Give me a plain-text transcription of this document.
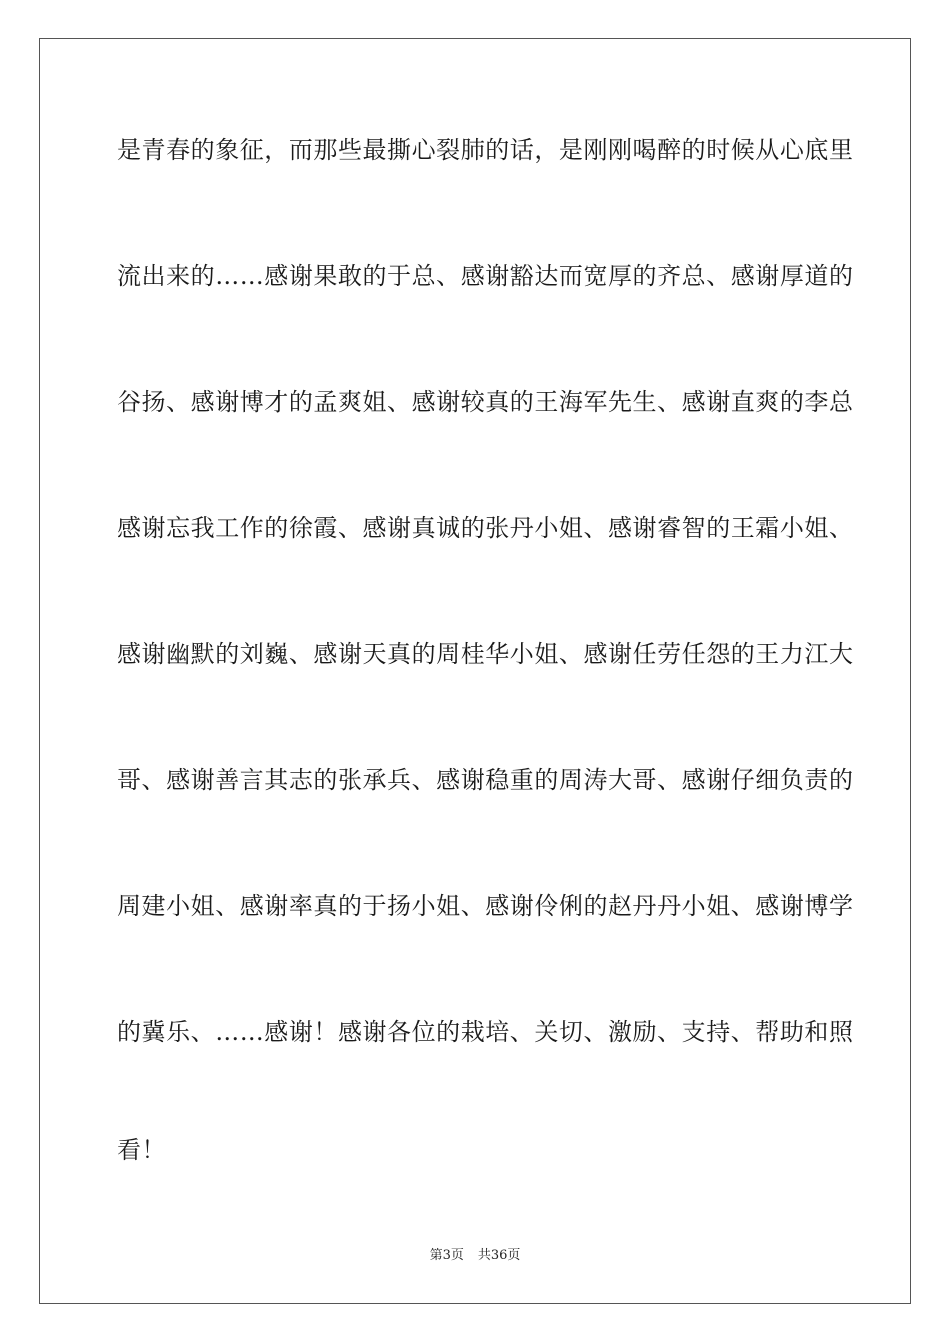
是青春的象征，而那些最撕心裂肺的话，是刚刚喝醉的时候从心底里
流出来的……感谢果敢的于总、感谢豁达而宽厚的齐总、感谢厚道的
谷扬、感谢博才的孟爽姐、感谢较真的王海军先生、感谢直爽的李总
感谢忘我工作的徐霞、感谢真诚的张丹小姐、感谢睿智的王霜小姐、
感谢幽默的刘巍、感谢天真的周桂华小姐、感谢任劳任怨的王力江大
哥、感谢善言其志的张承兵、感谢稳重的周涛大哥、感谢仔细负责的
周建小姐、感谢率真的于扬小姐、感谢伶俐的赵丹丹小姐、感谢博学
的冀乐、……感谢！感谢各位的栽培、关切、激励、支持、帮助和照
看！
第3页 共36页
